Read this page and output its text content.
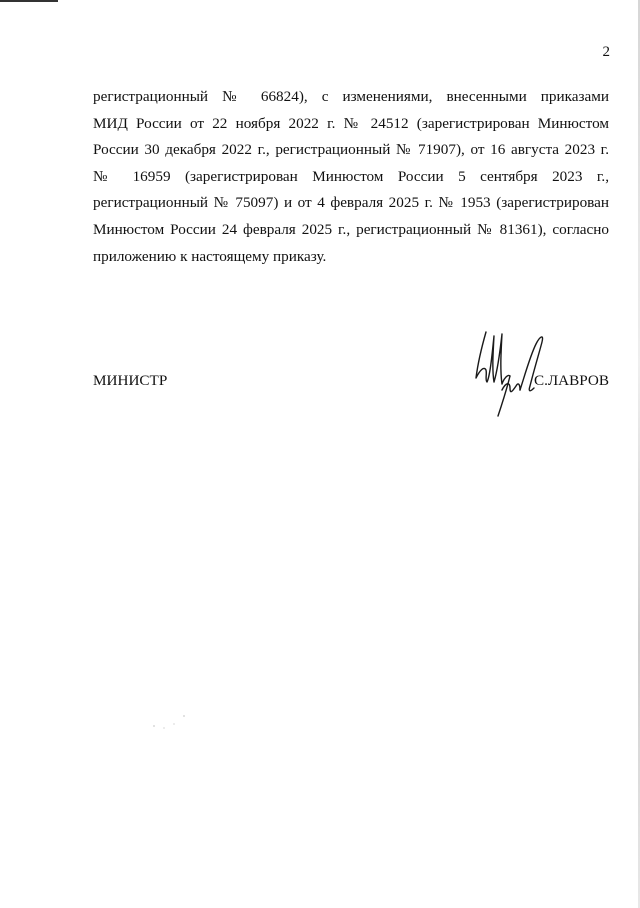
2
регистрационный № 66824), с изменениями, внесенными приказами
МИД России от 22 ноября 2022 г. № 24512 (зарегистрирован Минюстом
России 30 декабря 2022 г., регистрационный № 71907), от 16 августа 2023 г.
№ 16959 (зарегистрирован Минюстом России 5 сентября 2023 г.,
регистрационный № 75097) и от 4 февраля 2025 г. № 1953 (зарегистрирован
Минюстом России 24 февраля 2025 г., регистрационный № 81361), согласно
приложению к настоящему приказу.
МИНИСТР	С.ЛАВРОВ
